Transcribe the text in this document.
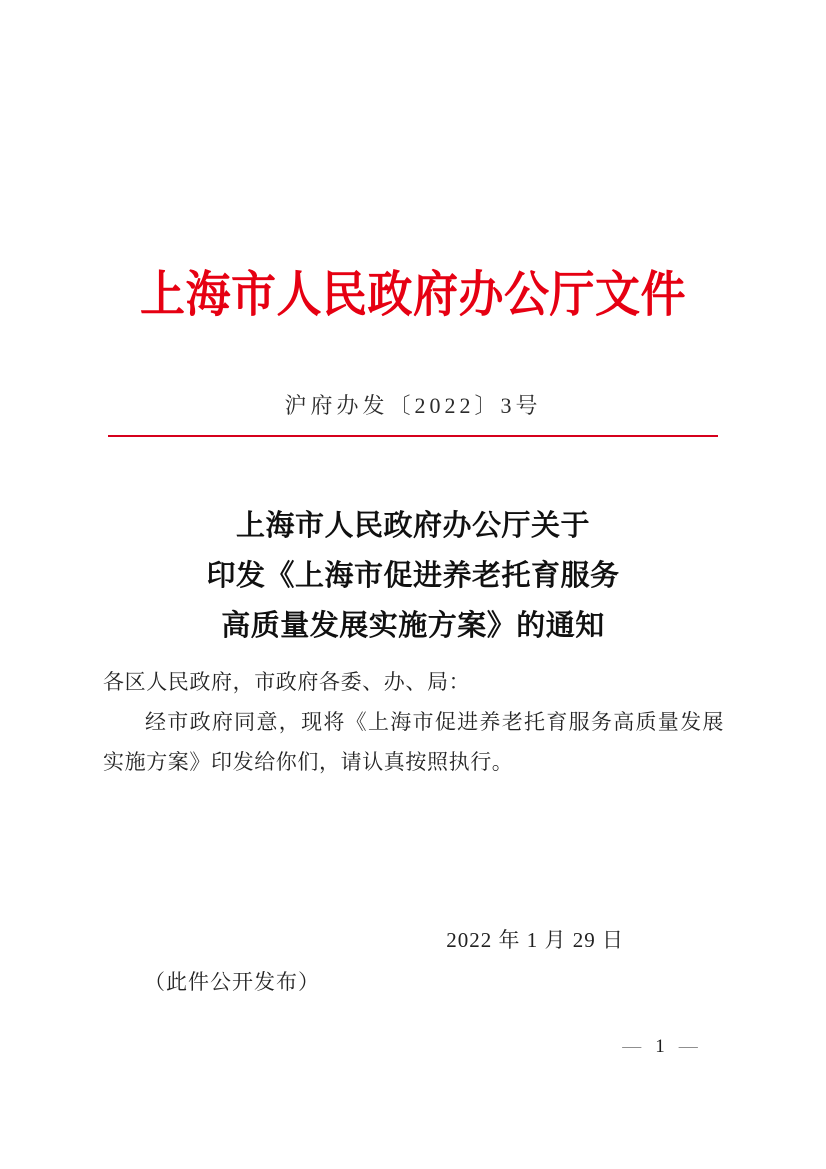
上海市人民政府办公厅文件
沪府办发〔2022〕3号
上海市人民政府办公厅关于
印发《上海市促进养老托育服务
高质量发展实施方案》的通知

各区人民政府，市政府各委、办、局：

经市政府同意，现将《上海市促进养老托育服务高质量发展实施方案》印发给你们，请认真按照执行。

2022 年 1 月 29 日
（此件公开发布）
— 1 —
